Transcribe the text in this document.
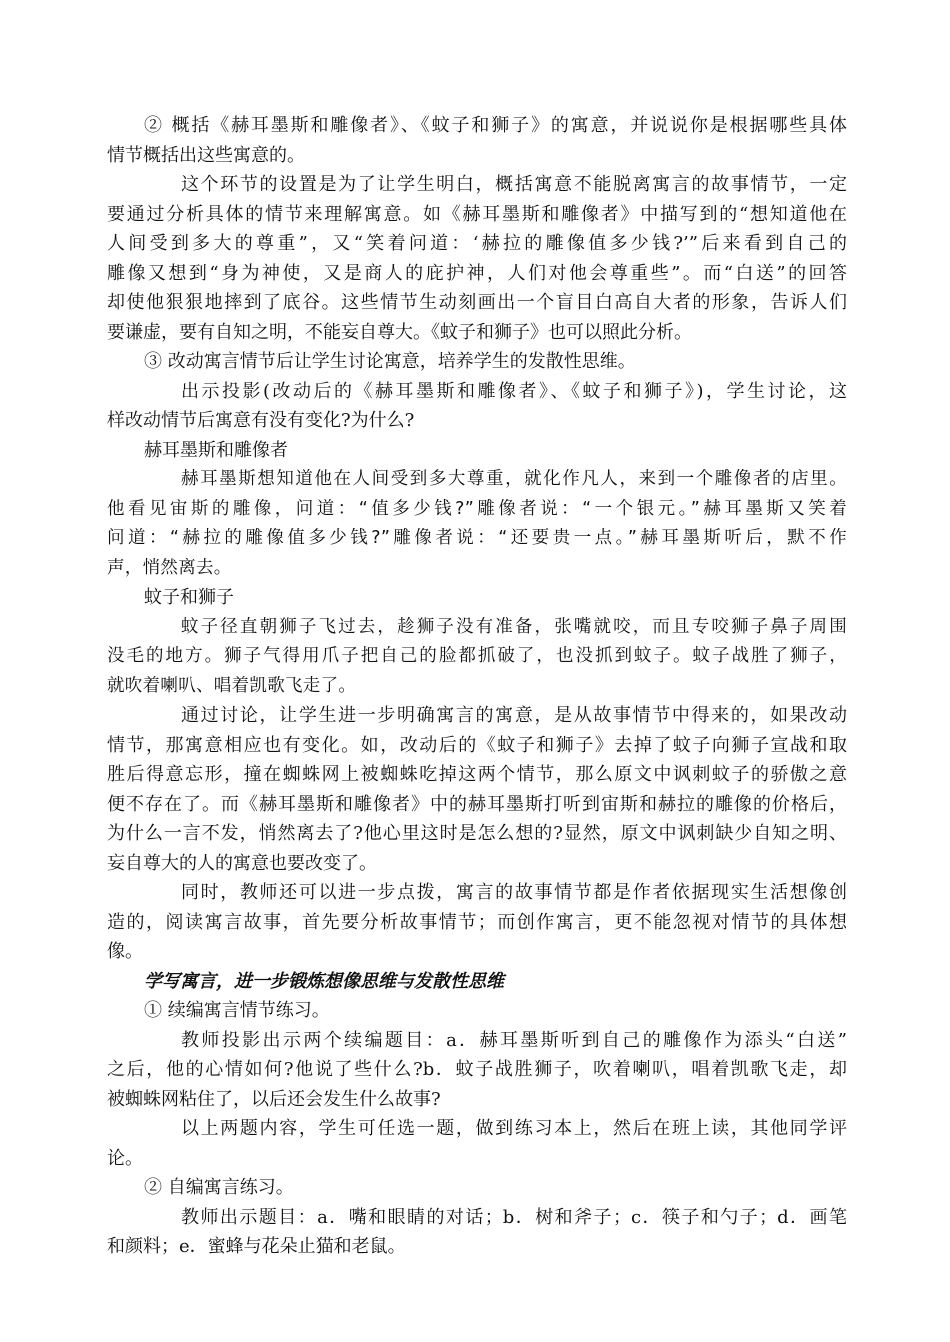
② 概括《赫耳墨斯和雕像者》、《蚊子和狮子》的寓意，并说说你是根据哪些具体
情节概括出这些寓意的。
这个环节的设置是为了让学生明白，概括寓意不能脱离寓言的故事情节，一定
要通过分析具体的情节来理解寓意。如《赫耳墨斯和雕像者》中描写到的“想知道他在
人间受到多大的尊重”，又“笑着问道：‘赫拉的雕像值多少钱?’”后来看到自己的
雕像又想到“身为神使，又是商人的庇护神，人们对他会尊重些”。而“白送”的回答
却使他狠狠地摔到了底谷。这些情节生动刻画出一个盲目白高自大者的形象，告诉人们
要谦虚，要有自知之明，不能妄自尊大。《蚊子和狮子》也可以照此分析。
③ 改动寓言情节后让学生讨论寓意，培养学生的发散性思维。
出示投影(改动后的《赫耳墨斯和雕像者》、《蚊子和狮子》)，学生讨论，这
样改动情节后寓意有没有变化?为什么?
赫耳墨斯和雕像者
赫耳墨斯想知道他在人间受到多大尊重，就化作凡人，来到一个雕像者的店里。
他看见宙斯的雕像，问道：“值多少钱?”雕像者说：“一个银元。”赫耳墨斯又笑着
问道：“赫拉的雕像值多少钱?”雕像者说：“还要贵一点。”赫耳墨斯听后，默不作
声，悄然离去。
蚊子和狮子
蚊子径直朝狮子飞过去，趁狮子没有准备，张嘴就咬，而且专咬狮子鼻子周围
没毛的地方。狮子气得用爪子把自己的脸都抓破了，也没抓到蚊子。蚊子战胜了狮子，
就吹着喇叭、唱着凯歌飞走了。
通过讨论，让学生进一步明确寓言的寓意，是从故事情节中得来的，如果改动
情节，那寓意相应也有变化。如，改动后的《蚊子和狮子》去掉了蚊子向狮子宣战和取
胜后得意忘形，撞在蜘蛛网上被蜘蛛吃掉这两个情节，那么原文中讽刺蚊子的骄傲之意
便不存在了。而《赫耳墨斯和雕像者》中的赫耳墨斯打听到宙斯和赫拉的雕像的价格后，
为什么一言不发，悄然离去了?他心里这时是怎么想的?显然，原文中讽刺缺少自知之明、
妄自尊大的人的寓意也要改变了。
同时，教师还可以进一步点拨，寓言的故事情节都是作者依据现实生活想像创
造的，阅读寓言故事，首先要分析故事情节；而创作寓言，更不能忽视对情节的具体想
像。
学写寓言，进一步锻炼想像思维与发散性思维
① 续编寓言情节练习。
教师投影出示两个续编题目：a．赫耳墨斯听到自己的雕像作为添头“白送”
之后，他的心情如何?他说了些什么?b．蚊子战胜狮子，吹着喇叭，唱着凯歌飞走，却
被蜘蛛网粘住了，以后还会发生什么故事?
以上两题内容，学生可任选一题，做到练习本上，然后在班上读，其他同学评
论。
② 自编寓言练习。
教师出示题目：a．嘴和眼睛的对话；b．树和斧子；c．筷子和勺子；d．画笔
和颜料；e．蜜蜂与花朵止猫和老鼠。
